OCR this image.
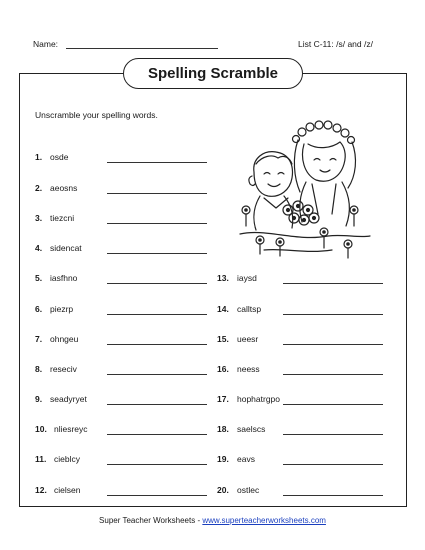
Name:	List C-11: /s/ and /z/
Spelling Scramble
Unscramble your spelling words.
1. osde
2. aeosns
3. tiezcni
4. sidencat
5. iasfhno
6. piezrp
7. ohngeu
8. reseciv
9. seadyryet
10. nliesreyc
11. cieblcy
12. cielsen
13. iaysd
14. calltsp
15. ueesr
16. neess
17. hophatrgpo
18. saelscs
19. eavs
20. ostlec
Super Teacher Worksheets - www.superteacherworksheets.com
